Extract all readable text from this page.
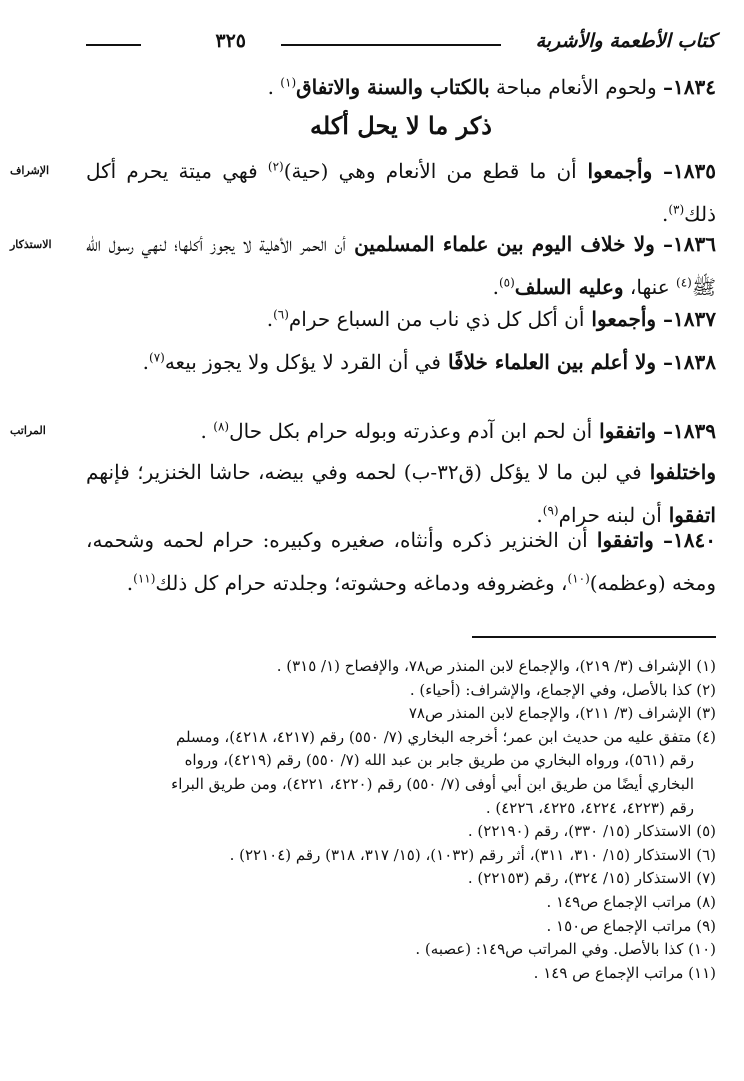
كتاب الأطعمة والأشربة
٣٢٥

١٨٣٤– ولحوم الأنعام مباحة بالكتاب والسنة والاتفاق$^{(١)}$ .

ذكر ما لا يحل أكله
الإشراف	١٨٣٥– وأجمعوا أن ما قطع من الأنعام وهي (حية)$^{(٢)}$ فهي ميتة يحرم أكل ذلك$^{(٣)}$.

الاستذكار	١٨٣٦– ولا خلاف اليوم بين علماء المسلمين أن الحمر الأهلية لا يجوز أكلها؛ لنهي رسول الله ﷺ$^{(٤)}$ عنها، وعليه السلف$^{(٥)}$.

١٨٣٧– وأجمعوا أن أكل كل ذي ناب من السباع حرام$^{(٦)}$.

١٨٣٨– ولا أعلم بين العلماء خلافًا في أن القرد لا يؤكل ولا يجوز بيعه$^{(٧)}$.

المراتب	١٨٣٩– واتفقوا أن لحم ابن آدم وعذرته وبوله حرام بكل حال$^{(٨)}$ .

واختلفوا في لبن ما لا يؤكل (ق٣٢-ب) لحمه وفي بيضه، حاشا الخنزير؛ فإنهم اتفقوا أن لبنه حرام$^{(٩)}$.

١٨٤٠– واتفقوا أن الخنزير ذكره وأنثاه، صغيره وكبيره: حرام لحمه وشحمه، ومخه (وعظمه)$^{(١٠)}$، وغضروفه ودماغه وحشوته؛ وجلدته حرام كل ذلك$^{(١١)}$.

(١) الإشراف (٣/ ٢١٩)، والإجماع لابن المنذر ص٧٨، والإفصاح (١/ ٣١٥) .

(٢) كذا بالأصل، وفي الإجماع، والإشراف: (أحياء) .

(٣) الإشراف (٣/ ٢١١)، والإجماع لابن المنذر ص٧٨

(٤) متفق عليه من حديث ابن عمر؛ أخرجه البخاري (٧/ ٥٥٠) رقم (٤٢١٧، ٤٢١٨)، ومسلم

رقم (٥٦١)، ورواه البخاري من طريق جابر بن عبد الله (٧/ ٥٥٠) رقم (٤٢١٩)، ورواه

البخاري أيضًا من طريق ابن أبي أوفى (٧/ ٥٥٠) رقم (٤٢٢٠، ٤٢٢١)، ومن طريق البراء

رقم (٤٢٢٣، ٤٢٢٤، ٤٢٢٥، ٤٢٢٦) .

(٥) الاستذكار (١٥/ ٣٣٠)، رقم (٢٢١٩٠) .

(٦) الاستذكار (١٥/ ٣١٠، ٣١١)، أثر رقم (١٠٣٢)، (١٥/ ٣١٧، ٣١٨) رقم (٢٢١٠٤) .

(٧) الاستذكار (١٥/ ٣٢٤)، رقم (٢٢١٥٣) .

(٨) مراتب الإجماع ص١٤٩ .

(٩) مراتب الإجماع ص١٥٠ .

(١٠) كذا بالأصل. وفي المراتب ص١٤٩: (عصبه) .

(١١) مراتب الإجماع ص ١٤٩ .
